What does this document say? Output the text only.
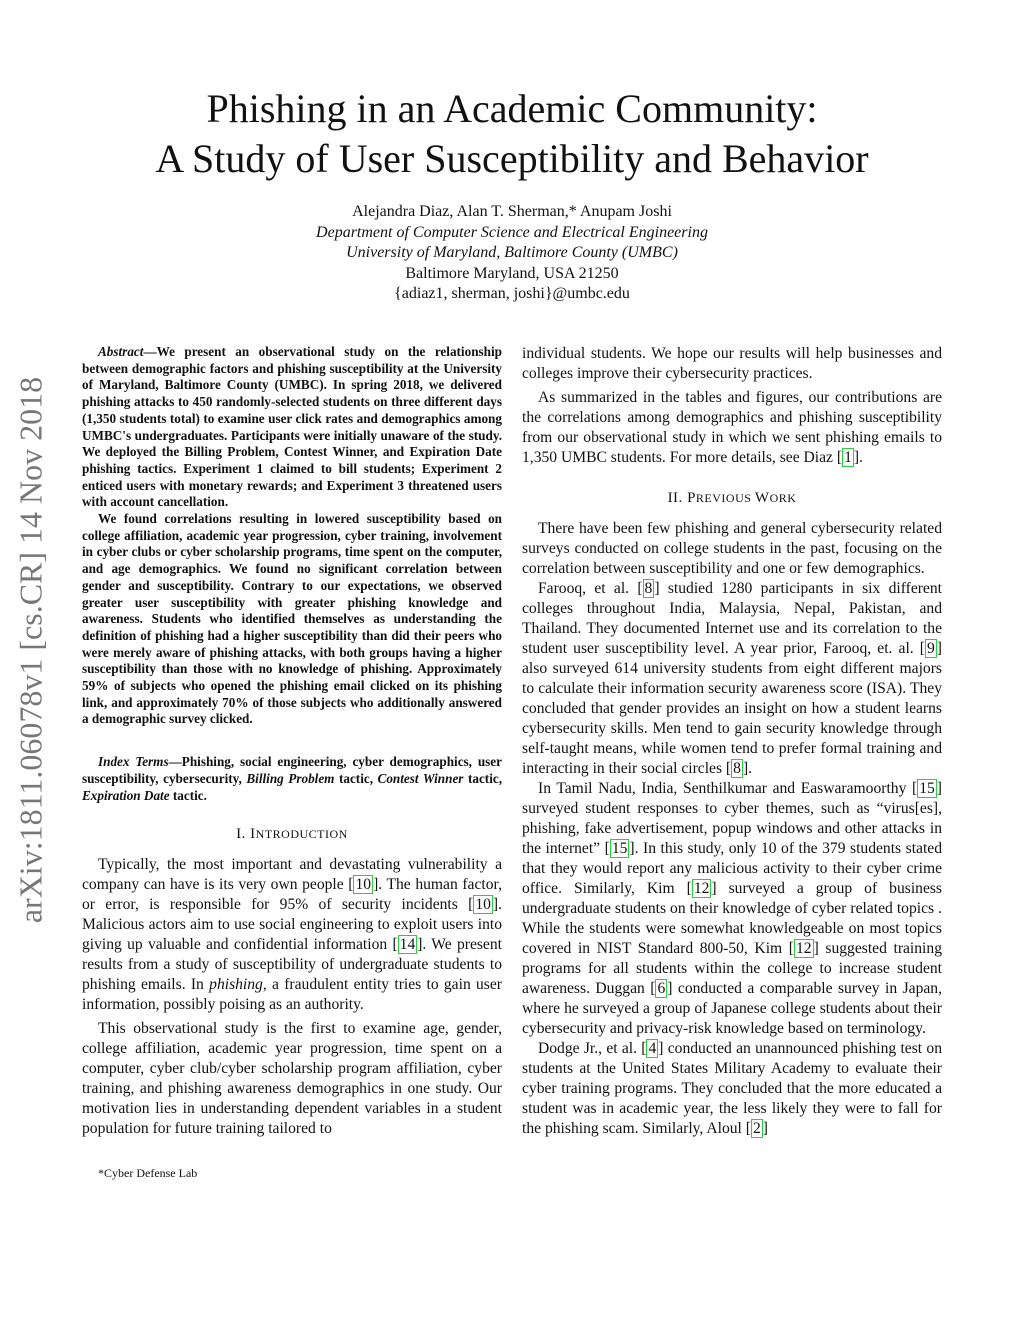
Phishing in an Academic Community:
A Study of User Susceptibility and Behavior
Alejandra Diaz, Alan T. Sherman,* Anupam Joshi
Department of Computer Science and Electrical Engineering
University of Maryland, Baltimore County (UMBC)
Baltimore Maryland, USA 21250
{adiaz1, sherman, joshi}@umbc.edu
arXiv:1811.06078v1 [cs.CR] 14 Nov 2018

Abstract—We present an observational study on the relationship between demographic factors and phishing susceptibility at the University of Maryland, Baltimore County (UMBC). In spring 2018, we delivered phishing attacks to 450 randomly-selected students on three different days (1,350 students total) to examine user click rates and demographics among UMBC's undergraduates. Participants were initially unaware of the study. We deployed the Billing Problem, Contest Winner, and Expiration Date phishing tactics. Experiment 1 claimed to bill students; Experiment 2 enticed users with monetary rewards; and Experiment 3 threatened users with account cancellation.

We found correlations resulting in lowered susceptibility based on college affiliation, academic year progression, cyber training, involvement in cyber clubs or cyber scholarship programs, time spent on the computer, and age demographics. We found no significant correlation between gender and susceptibility. Contrary to our expectations, we observed greater user susceptibility with greater phishing knowledge and awareness. Students who identified themselves as understanding the definition of phishing had a higher susceptibility than did their peers who were merely aware of phishing attacks, with both groups having a higher susceptibility than those with no knowledge of phishing. Approximately 59% of subjects who opened the phishing email clicked on its phishing link, and approximately 70% of those subjects who additionally answered a demographic survey clicked.

Index Terms—Phishing, social engineering, cyber demographics, user susceptibility, cybersecurity, Billing Problem tactic, Contest Winner tactic, Expiration Date tactic.

I. INTRODUCTION

Typically, the most important and devastating vulnerability a company can have is its very own people [ 10 ]. The human factor, or error, is responsible for 95% of security incidents [ 10 ]. Malicious actors aim to use social engineering to exploit users into giving up valuable and confidential information [ 14 ]. We present results from a study of susceptibility of undergraduate students to phishing emails. In phishing, a fraudulent entity tries to gain user information, possibly poising as an authority.

This observational study is the first to examine age, gender, college affiliation, academic year progression, time spent on a computer, cyber club/cyber scholarship program affiliation, cyber training, and phishing awareness demographics in one study. Our motivation lies in understanding dependent variables in a student population for future training tailored to

*Cyber Defense Lab

individual students. We hope our results will help businesses and colleges improve their cybersecurity practices.

As summarized in the tables and figures, our contributions are the correlations among demographics and phishing susceptibility from our observational study in which we sent phishing emails to 1,350 UMBC students. For more details, see Diaz [ 1 ].

II. PREVIOUS WORK

There have been few phishing and general cybersecurity related surveys conducted on college students in the past, focusing on the correlation between susceptibility and one or few demographics.

Farooq, et al. [ 8 ] studied 1280 participants in six different colleges throughout India, Malaysia, Nepal, Pakistan, and Thailand. They documented Internet use and its correlation to the student user susceptibility level. A year prior, Farooq, et. al. [ 9 ] also surveyed 614 university students from eight different majors to calculate their information security awareness score (ISA). They concluded that gender provides an insight on how a student learns cybersecurity skills. Men tend to gain security knowledge through self-taught means, while women tend to prefer formal training and interacting in their social circles [ 8 ].

In Tamil Nadu, India, Senthilkumar and Easwaramoorthy [ 15 ] surveyed student responses to cyber themes, such as “virus[es], phishing, fake advertisement, popup windows and other attacks in the internet” [ 15 ]. In this study, only 10 of the 379 students stated that they would report any malicious activity to their cyber crime office. Similarly, Kim [ 12 ] surveyed a group of business undergraduate students on their knowledge of cyber related topics . While the students were somewhat knowledgeable on most topics covered in NIST Standard 800-50, Kim [ 12 ] suggested training programs for all students within the college to increase student awareness. Duggan [ 6 ] conducted a comparable survey in Japan, where he surveyed a group of Japanese college students about their cybersecurity and privacy-risk knowledge based on terminology.

Dodge Jr., et al. [ 4 ] conducted an unannounced phishing test on students at the United States Military Academy to evaluate their cyber training programs. They concluded that the more educated a student was in academic year, the less likely they were to fall for the phishing scam. Similarly, Aloul [ 2 ]
